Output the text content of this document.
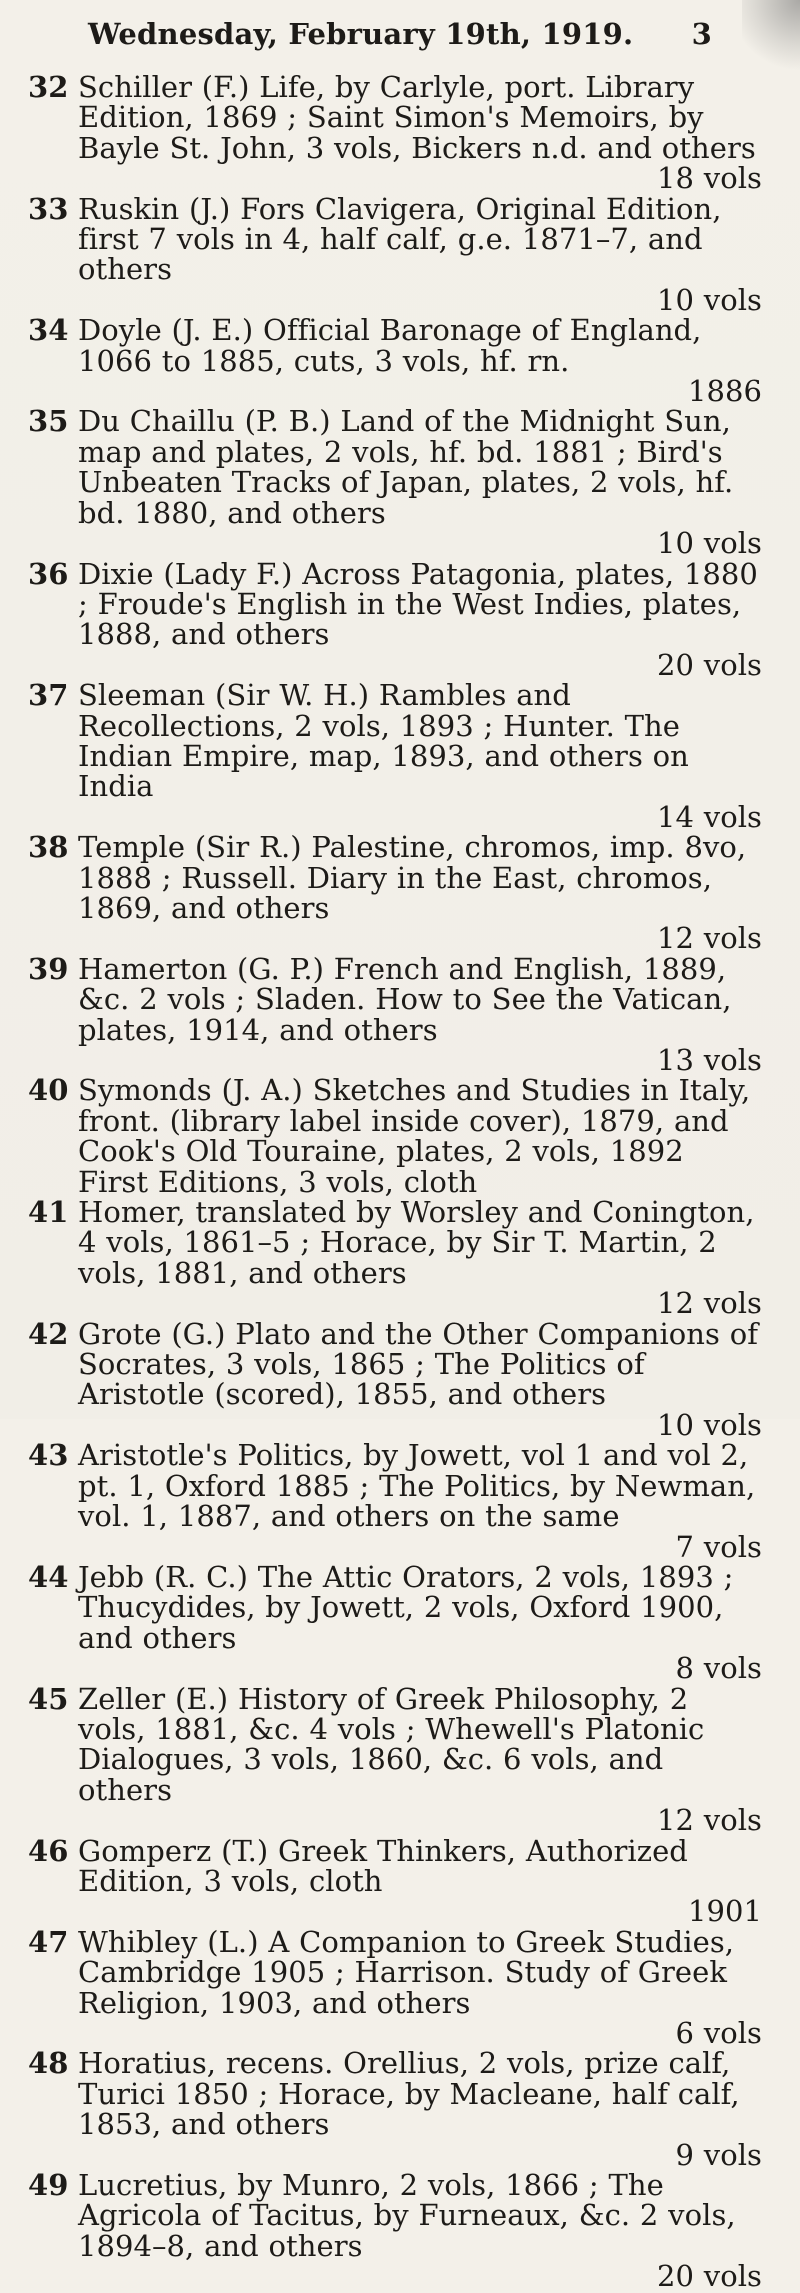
Wednesday, February 19th, 1919. 3
32 Schiller (F.) Life, by Carlyle, port. Library Edition, 1869 ; Saint Simon's Memoirs, by Bayle St. John, 3 vols, Bickers n.d. and others
18 vols
33 Ruskin (J.) Fors Clavigera, Original Edition, first 7 vols in 4, half calf, g.e. 1871–7, and others
10 vols
34 Doyle (J. E.) Official Baronage of England, 1066 to 1885, cuts, 3 vols, hf. rn.
1886
35 Du Chaillu (P. B.) Land of the Midnight Sun, map and plates, 2 vols, hf. bd. 1881 ; Bird's Unbeaten Tracks of Japan, plates, 2 vols, hf. bd. 1880, and others
10 vols
36 Dixie (Lady F.) Across Patagonia, plates, 1880 ; Froude's English in the West Indies, plates, 1888, and others
20 vols
37 Sleeman (Sir W. H.) Rambles and Recollections, 2 vols, 1893 ; Hunter. The Indian Empire, map, 1893, and others on India
14 vols
38 Temple (Sir R.) Palestine, chromos, imp. 8vo, 1888 ; Russell. Diary in the East, chromos, 1869, and others
12 vols
39 Hamerton (G. P.) French and English, 1889, &c. 2 vols ; Sladen. How to See the Vatican, plates, 1914, and others
13 vols
40 Symonds (J. A.) Sketches and Studies in Italy, front. (library label inside cover), 1879, and Cook's Old Touraine, plates, 2 vols, 1892 First Editions, 3 vols, cloth
41 Homer, translated by Worsley and Conington, 4 vols, 1861–5 ; Horace, by Sir T. Martin, 2 vols, 1881, and others
12 vols
42 Grote (G.) Plato and the Other Companions of Socrates, 3 vols, 1865 ; The Politics of Aristotle (scored), 1855, and others
10 vols
43 Aristotle's Politics, by Jowett, vol 1 and vol 2, pt. 1, Oxford 1885 ; The Politics, by Newman, vol. 1, 1887, and others on the same
7 vols
44 Jebb (R. C.) The Attic Orators, 2 vols, 1893 ; Thucydides, by Jowett, 2 vols, Oxford 1900, and others
8 vols
45 Zeller (E.) History of Greek Philosophy, 2 vols, 1881, &c. 4 vols ; Whewell's Platonic Dialogues, 3 vols, 1860, &c. 6 vols, and others
12 vols
46 Gomperz (T.) Greek Thinkers, Authorized Edition, 3 vols, cloth
1901
47 Whibley (L.) A Companion to Greek Studies, Cambridge 1905 ; Harrison. Study of Greek Religion, 1903, and others
6 vols
48 Horatius, recens. Orellius, 2 vols, prize calf, Turici 1850 ; Horace, by Macleane, half calf, 1853, and others
9 vols
49 Lucretius, by Munro, 2 vols, 1866 ; The Agricola of Tacitus, by Furneaux, &c. 2 vols, 1894–8, and others
20 vols
